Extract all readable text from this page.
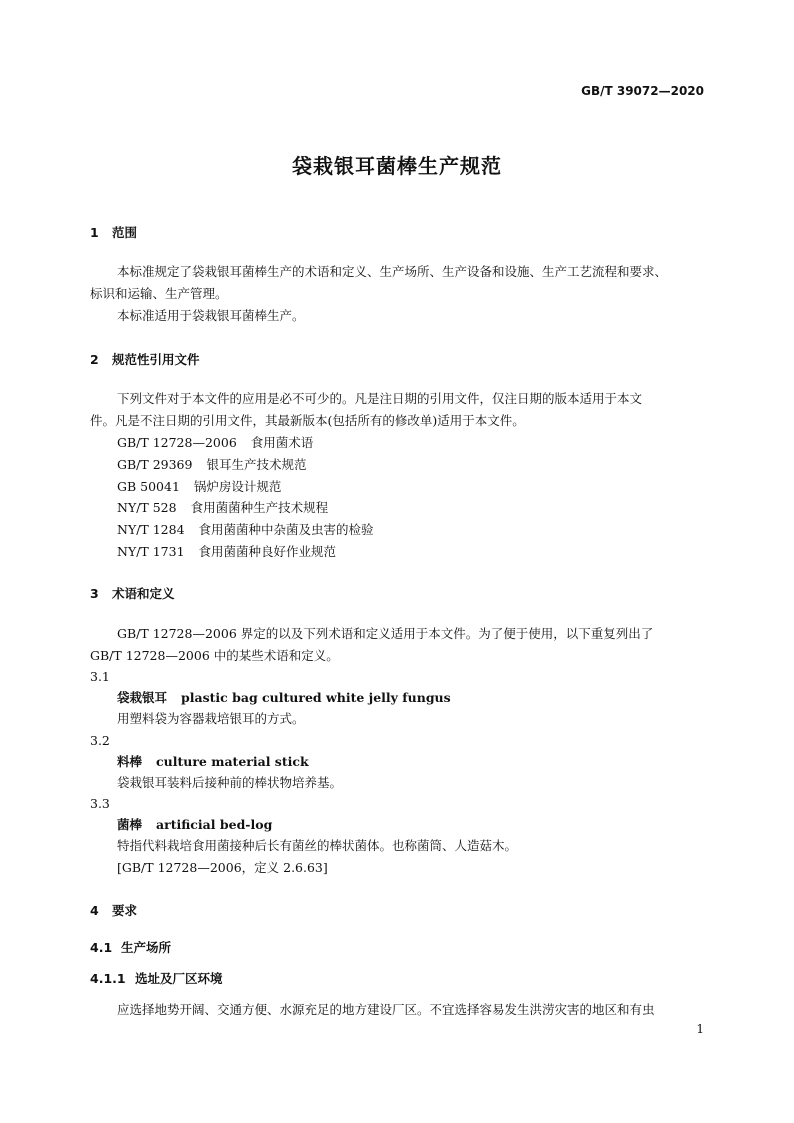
GB/T 39072—2020
袋栽银耳菌棒生产规范
1 范围
本标准规定了袋栽银耳菌棒生产的术语和定义、生产场所、生产设备和设施、生产工艺流程和要求、
标识和运输、生产管理。
本标准适用于袋栽银耳菌棒生产。
2 规范性引用文件
下列文件对于本文件的应用是必不可少的。凡是注日期的引用文件，仅注日期的版本适用于本文
件。凡是不注日期的引用文件，其最新版本(包括所有的修改单)适用于本文件。
GB/T 12728—2006 食用菌术语
GB/T 29369 银耳生产技术规范
GB 50041 锅炉房设计规范
NY/T 528 食用菌菌种生产技术规程
NY/T 1284 食用菌菌种中杂菌及虫害的检验
NY/T 1731 食用菌菌种良好作业规范
3 术语和定义
GB/T 12728—2006 界定的以及下列术语和定义适用于本文件。为了便于使用，以下重复列出了
GB/T 12728—2006 中的某些术语和定义。
3.1
袋栽银耳 plastic bag cultured white jelly fungus
用塑料袋为容器栽培银耳的方式。
3.2
料棒 culture material stick
袋栽银耳装料后接种前的棒状物培养基。
3.3
菌棒 artificial bed-log
特指代料栽培食用菌接种后长有菌丝的棒状菌体。也称菌筒、人造菇木。
[GB/T 12728—2006，定义 2.6.63]
4 要求
4.1 生产场所
4.1.1 选址及厂区环境
应选择地势开阔、交通方便、水源充足的地方建设厂区。不宜选择容易发生洪涝灾害的地区和有虫
1
